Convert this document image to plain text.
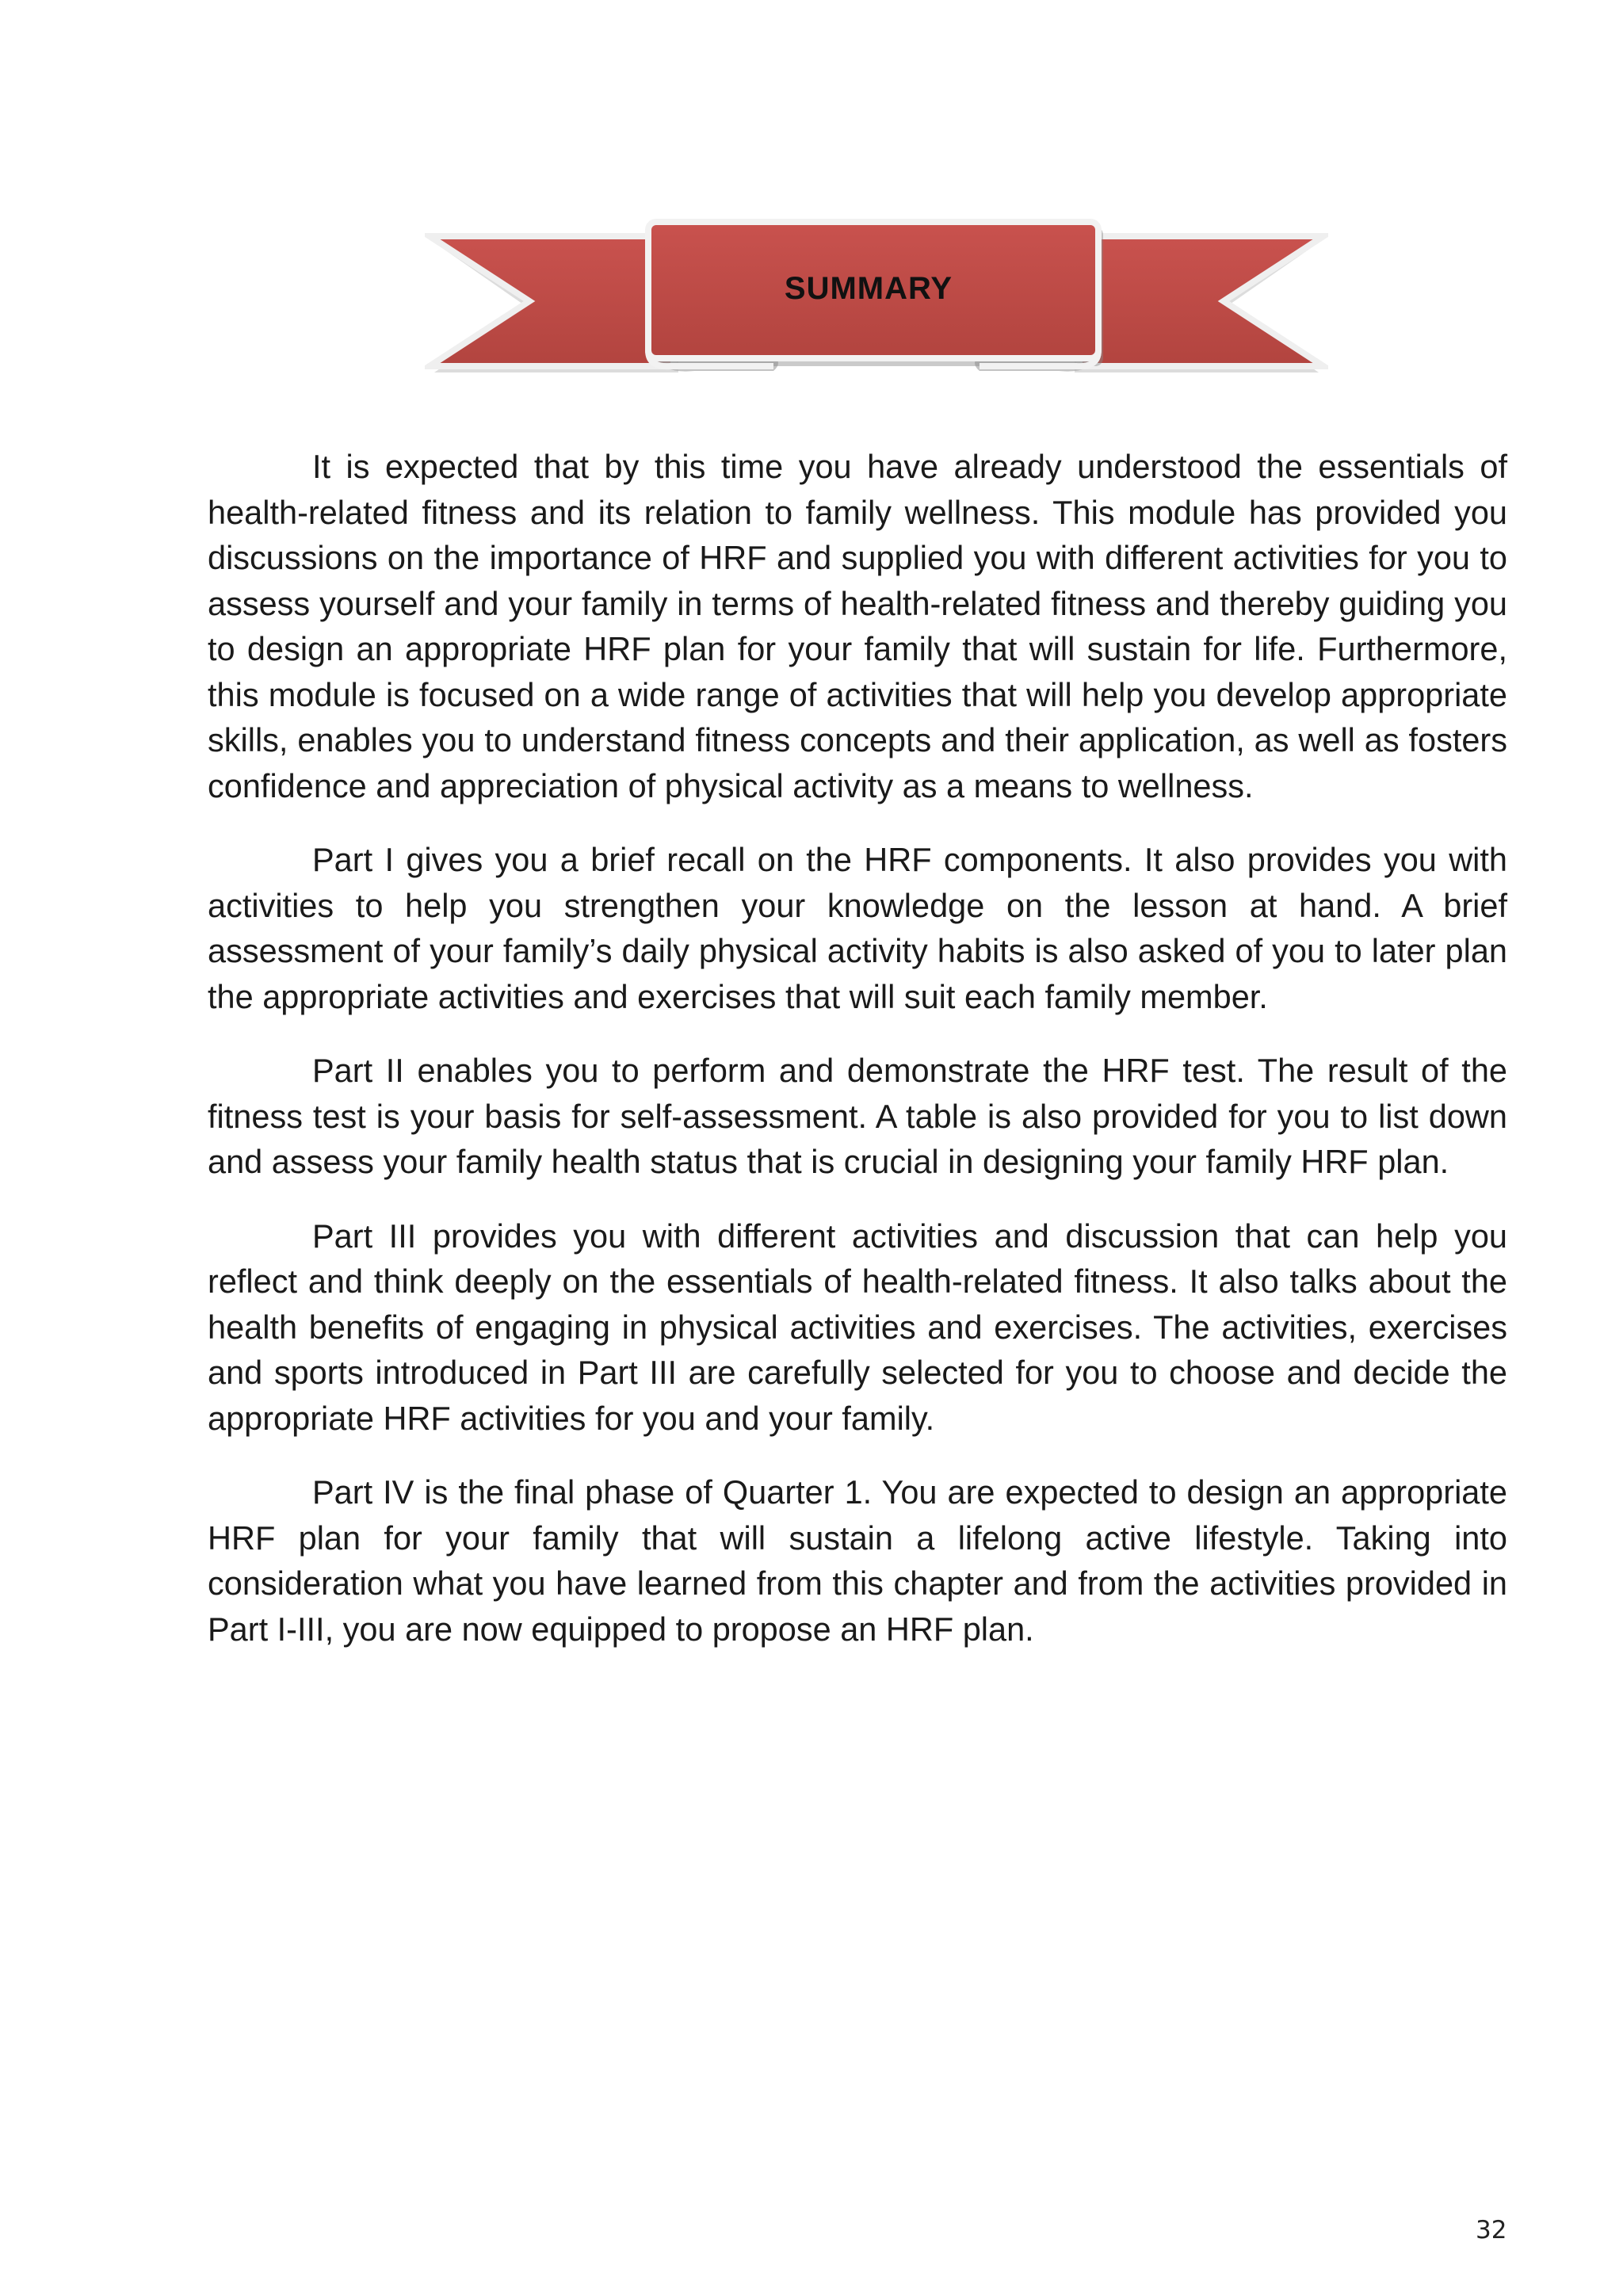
SUMMARY

It is expected that by this time you have already understood the essentials of health-related fitness and its relation to family wellness. This module has provided you discussions on the importance of HRF and supplied you with different activities for you to assess yourself and your family in terms of health-related fitness and thereby guiding you to design an appropriate HRF plan for your family that will sustain for life. Furthermore, this module is focused on a wide range of activities that will help you develop appropriate skills, enables you to understand fitness concepts and their application, as well as fosters confidence and appreciation of physical activity as a means to wellness.

Part I gives you a brief recall on the HRF components. It also provides you with activities to help you strengthen your knowledge on the lesson at hand. A brief assessment of your family’s daily physical activity habits is also asked of you to later plan the appropriate activities and exercises that will suit each family member.

Part II enables you to perform and demonstrate the HRF test. The result of the fitness test is your basis for self-assessment. A table is also provided for you to list down and assess your family health status that is crucial in designing your family HRF plan.

Part III provides you with different activities and discussion that can help you reflect and think deeply on the essentials of health-related fitness. It also talks about the health benefits of engaging in physical activities and exercises. The activities, exercises and sports introduced in Part III are carefully selected for you to choose and decide the appropriate HRF activities for you and your family.

Part IV is the final phase of Quarter 1. You are expected to design an appropriate HRF plan for your family that will sustain a lifelong active lifestyle. Taking into consideration what you have learned from this chapter and from the activities provided in Part I-III, you are now equipped to propose an HRF plan.

32
